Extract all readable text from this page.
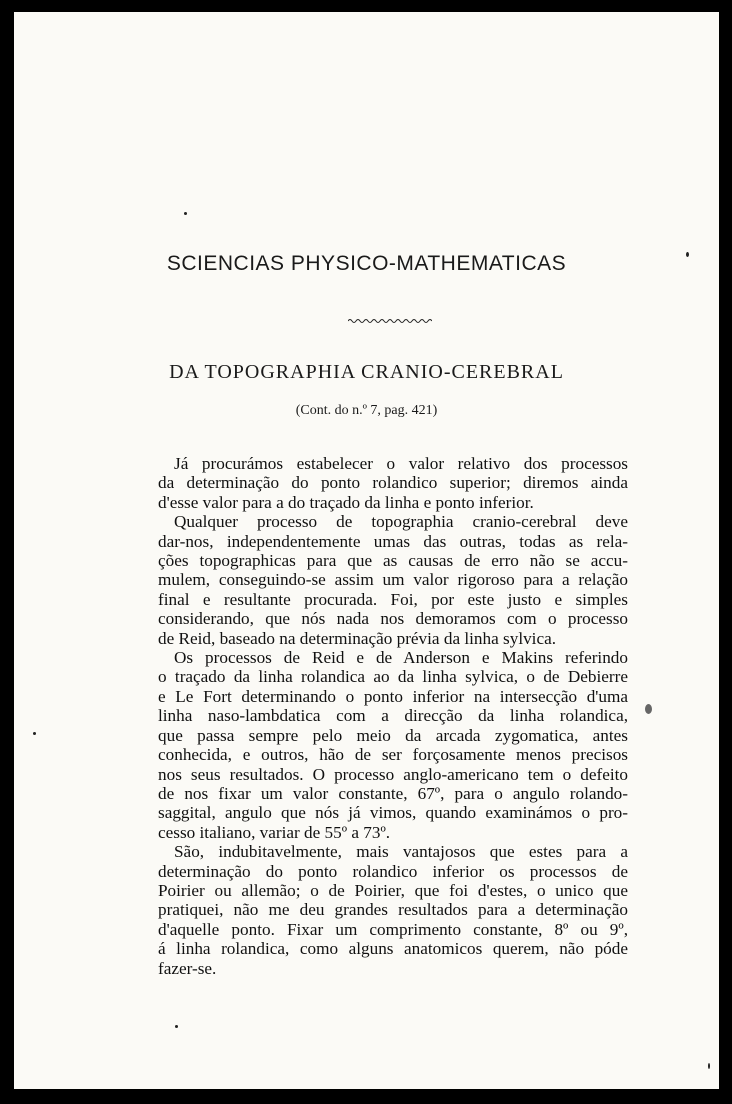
SCIENCIAS PHYSICO-MATHEMATICAS
DA TOPOGRAPHIA CRANIO-CEREBRAL
(Cont. do n.º 7, pag. 421)
Já procurámos estabelecer o valor relativo dos processos
da determinação do ponto rolandico superior; diremos ainda
d'esse valor para a do traçado da linha e ponto inferior.
Qualquer processo de topographia cranio-cerebral deve
dar-nos, independentemente umas das outras, todas as rela-
ções topographicas para que as causas de erro não se accu-
mulem, conseguindo-se assim um valor rigoroso para a relação
final e resultante procurada. Foi, por este justo e simples
considerando, que nós nada nos demoramos com o processo
de Reid, baseado na determinação prévia da linha sylvica.
Os processos de Reid e de Anderson e Makins referindo
o traçado da linha rolandica ao da linha sylvica, o de Debierre
e Le Fort determinando o ponto inferior na intersecção d'uma
linha naso-lambdatica com a direcção da linha rolandica,
que passa sempre pelo meio da arcada zygomatica, antes
conhecida, e outros, hão de ser forçosamente menos precisos
nos seus resultados. O processo anglo-americano tem o defeito
de nos fixar um valor constante, 67º, para o angulo rolando-
saggital, angulo que nós já vimos, quando examinámos o pro-
cesso italiano, variar de 55º a 73º.
São, indubitavelmente, mais vantajosos que estes para a
determinação do ponto rolandico inferior os processos de
Poirier ou allemão; o de Poirier, que foi d'estes, o unico que
pratiquei, não me deu grandes resultados para a determinação
d'aquelle ponto. Fixar um comprimento constante, 8º ou 9º,
á linha rolandica, como alguns anatomicos querem, não póde
fazer-se.
